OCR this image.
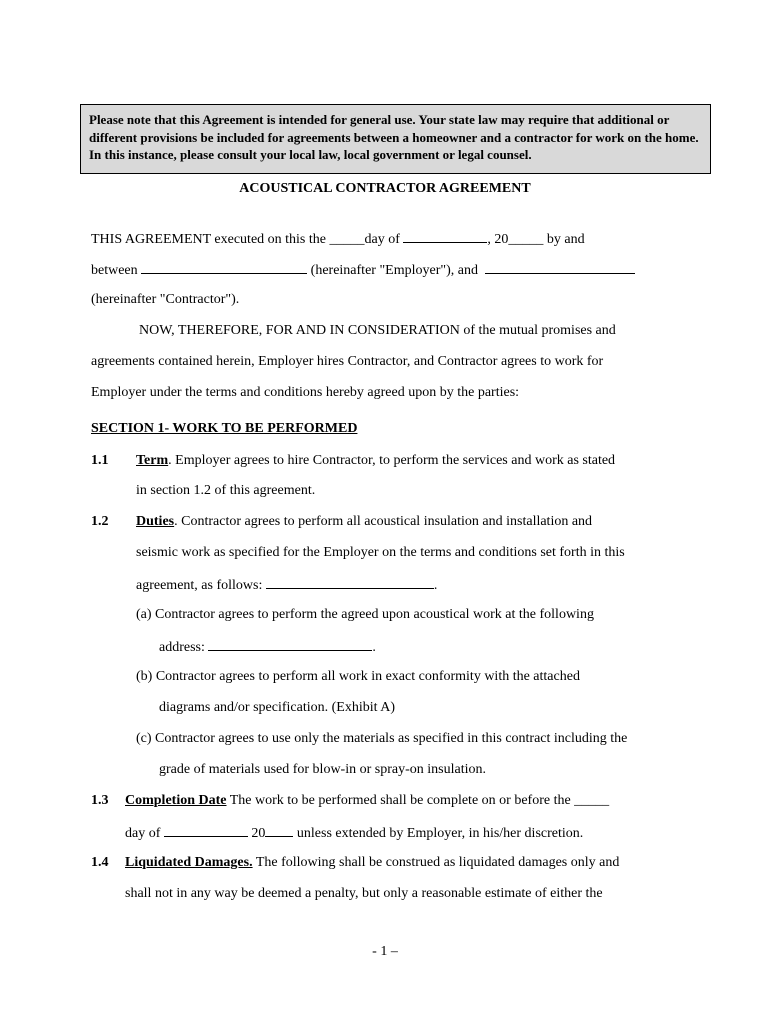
Please note that this Agreement is intended for general use. Your state law may require that additional or different provisions be included for agreements between a homeowner and a contractor for work on the home. In this instance, please consult your local law, local government or legal counsel.
ACOUSTICAL CONTRACTOR AGREEMENT
THIS AGREEMENT executed on this the _____day of	, 20_____ by and
between	(hereinafter "Employer"), and
(hereinafter "Contractor").
NOW, THEREFORE, FOR AND IN CONSIDERATION of the mutual promises and
agreements contained herein, Employer hires Contractor, and Contractor agrees to work for
Employer under the terms and conditions hereby agreed upon by the parties:
SECTION 1- WORK TO BE PERFORMED
1.1 Term. Employer agrees to hire Contractor, to perform the services and work as stated
in section 1.2 of this agreement.
1.2 Duties. Contractor agrees to perform all acoustical insulation and installation and
seismic work as specified for the Employer on the terms and conditions set forth in this
agreement, as follows:	.
(a) Contractor agrees to perform the agreed upon acoustical work at the following
address:	.
(b) Contractor agrees to perform all work in exact conformity with the attached
diagrams and/or specification. (Exhibit A)
(c) Contractor agrees to use only the materials as specified in this contract including the
grade of materials used for blow-in or spray-on insulation.
1.3 Completion Date The work to be performed shall be complete on or before the _____
day of	20 unless extended by Employer, in his/her discretion.
1.4 Liquidated Damages. The following shall be construed as liquidated damages only and
shall not in any way be deemed a penalty, but only a reasonable estimate of either the
- 1 –
